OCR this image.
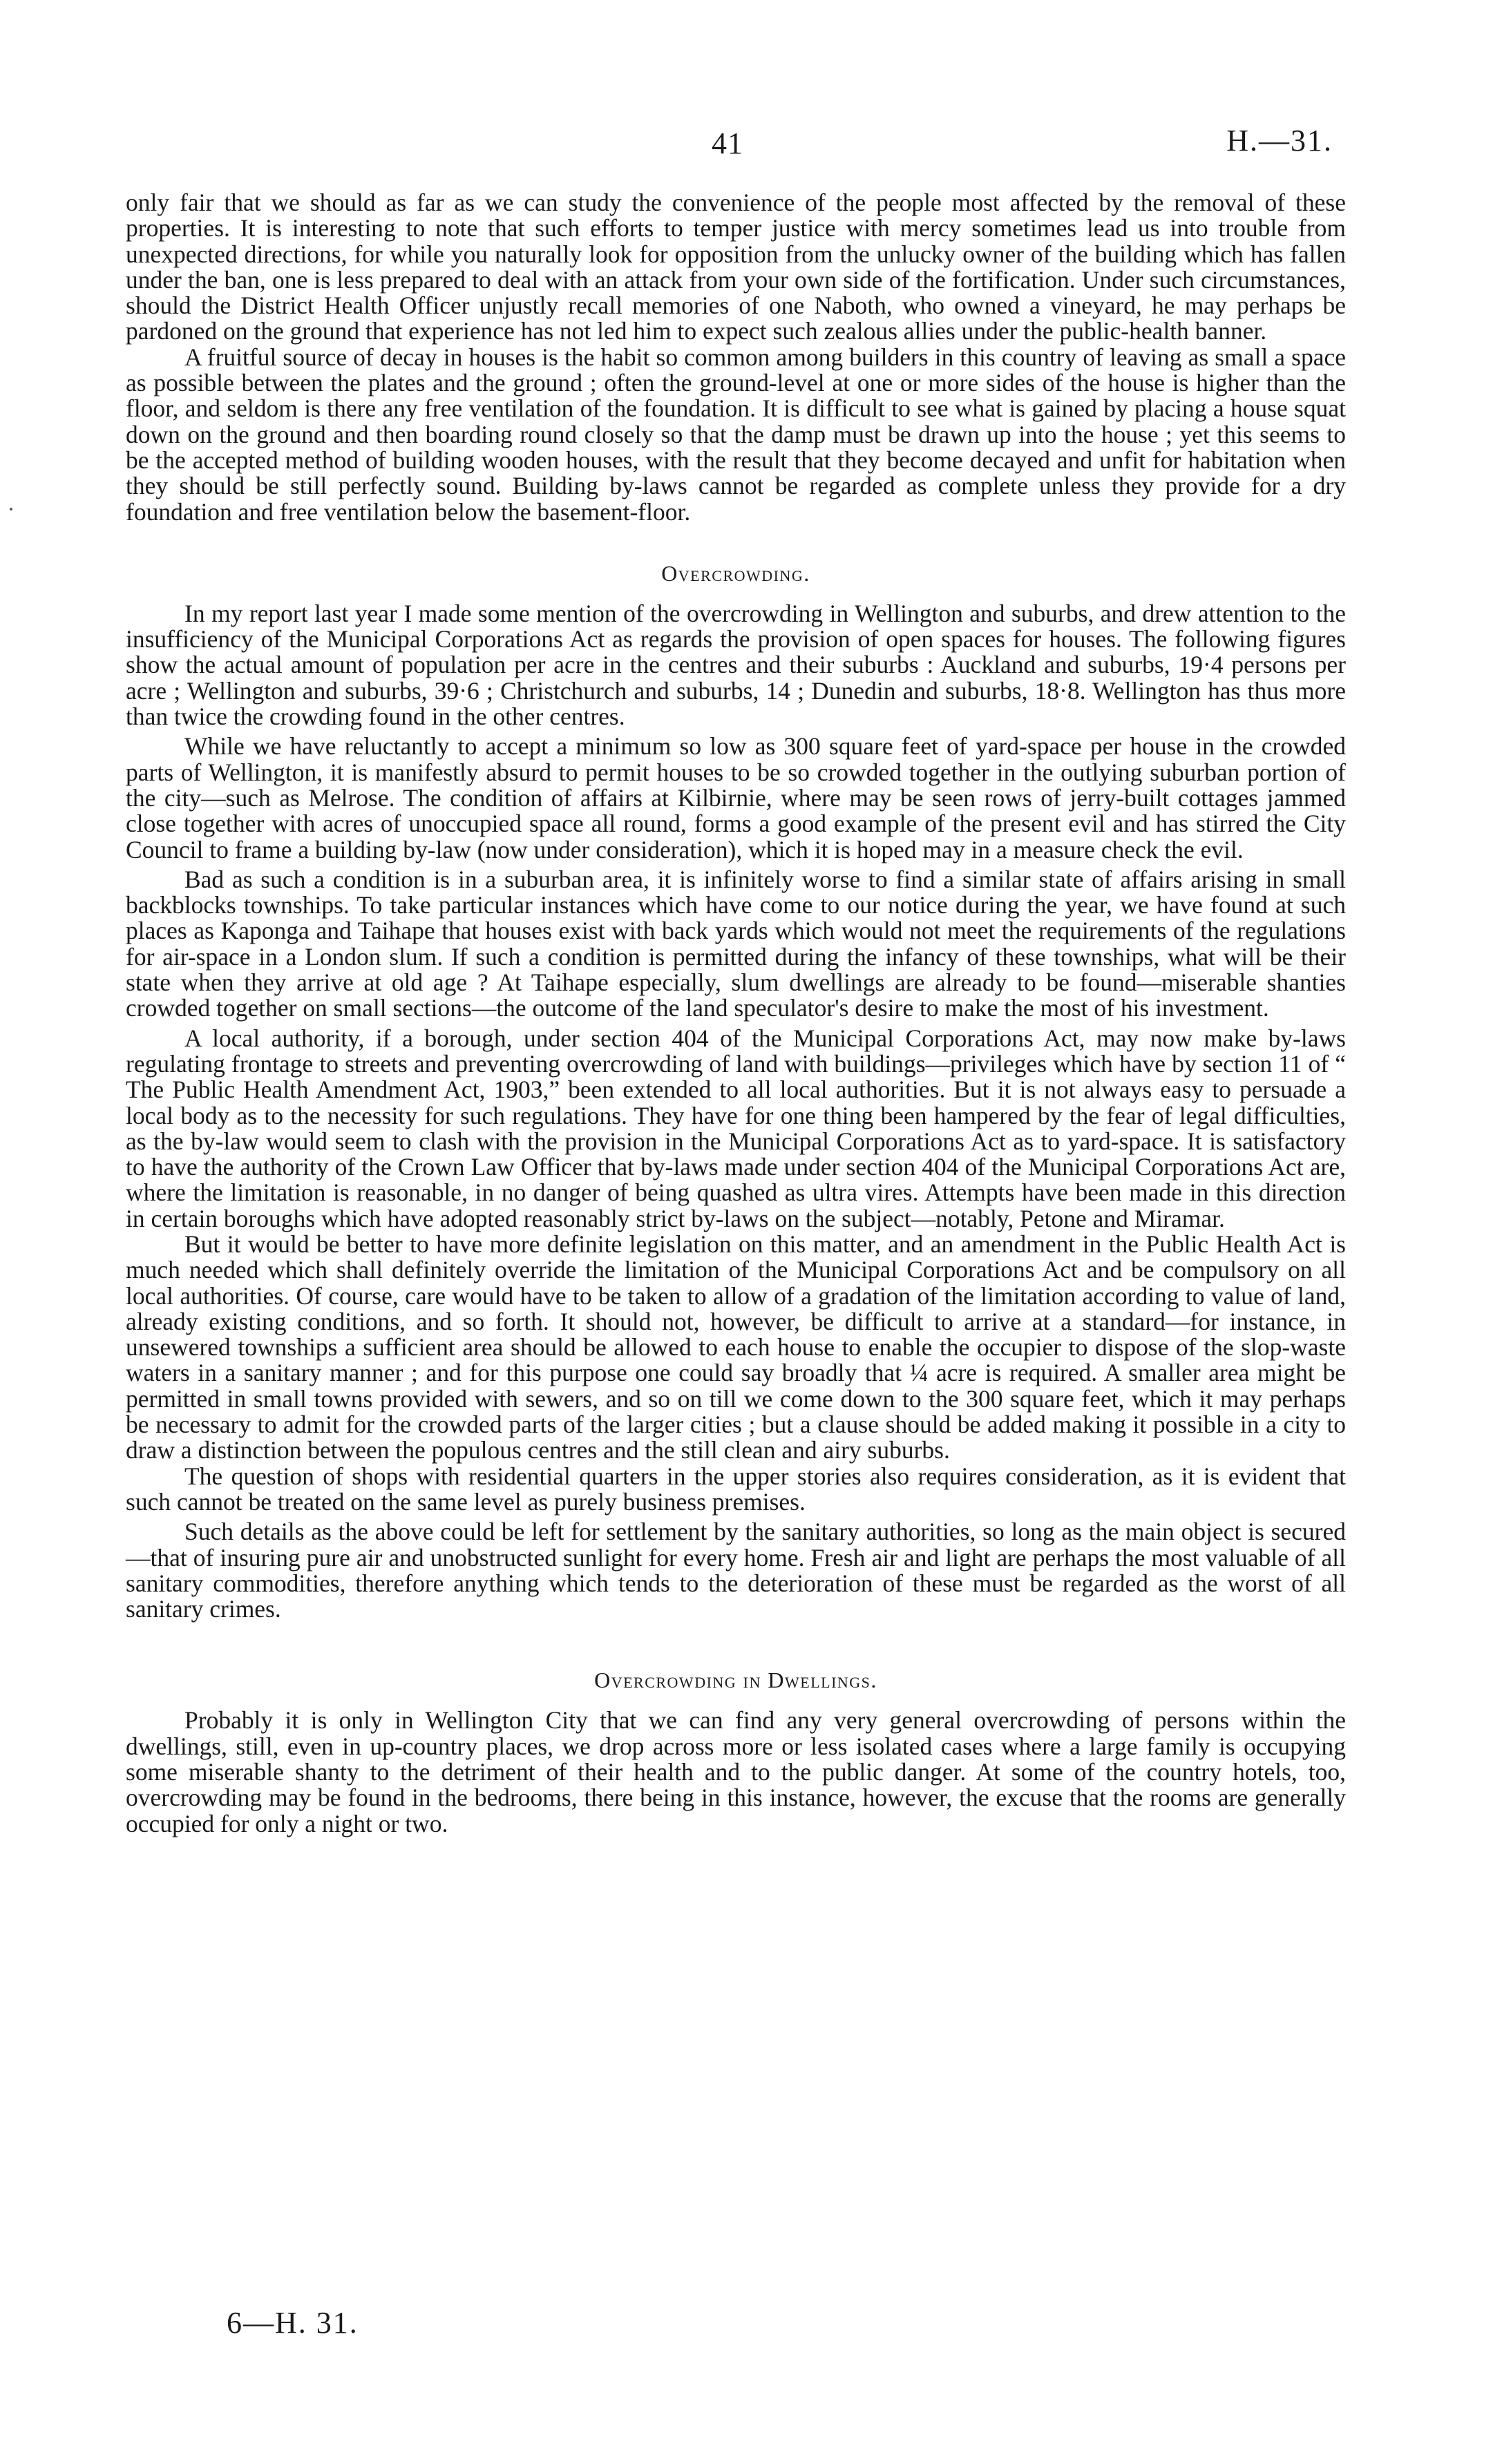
41	H.—31.

only fair that we should as far as we can study the convenience of the people most affected by the removal of these properties. It is interesting to note that such efforts to temper justice with mercy sometimes lead us into trouble from unexpected directions, for while you naturally look for opposition from the unlucky owner of the building which has fallen under the ban, one is less prepared to deal with an attack from your own side of the fortification. Under such circumstances, should the District Health Officer unjustly recall memories of one Naboth, who owned a vineyard, he may perhaps be pardoned on the ground that experience has not led him to expect such zealous allies under the public-health banner.

A fruitful source of decay in houses is the habit so common among builders in this country of leaving as small a space as possible between the plates and the ground ; often the ground-level at one or more sides of the house is higher than the floor, and seldom is there any free ventilation of the foundation. It is difficult to see what is gained by placing a house squat down on the ground and then boarding round closely so that the damp must be drawn up into the house ; yet this seems to be the accepted method of building wooden houses, with the result that they become decayed and unfit for habitation when they should be still perfectly sound. Building by-laws cannot be regarded as complete unless they provide for a dry foundation and free ventilation below the basement-floor.

Overcrowding.

In my report last year I made some mention of the overcrowding in Wellington and suburbs, and drew attention to the insufficiency of the Municipal Corporations Act as regards the provision of open spaces for houses. The following figures show the actual amount of population per acre in the centres and their suburbs : Auckland and suburbs, 19·4 persons per acre ; Wellington and suburbs, 39·6 ; Christchurch and suburbs, 14 ; Dunedin and suburbs, 18·8. Wellington has thus more than twice the crowding found in the other centres.

While we have reluctantly to accept a minimum so low as 300 square feet of yard-space per house in the crowded parts of Wellington, it is manifestly absurd to permit houses to be so crowded together in the outlying suburban portion of the city—such as Melrose. The condition of affairs at Kilbirnie, where may be seen rows of jerry-built cottages jammed close together with acres of unoccupied space all round, forms a good example of the present evil and has stirred the City Council to frame a building by-law (now under consideration), which it is hoped may in a measure check the evil.

Bad as such a condition is in a suburban area, it is infinitely worse to find a similar state of affairs arising in small backblocks townships. To take particular instances which have come to our notice during the year, we have found at such places as Kaponga and Taihape that houses exist with back yards which would not meet the requirements of the regulations for air-space in a London slum. If such a condition is permitted during the infancy of these townships, what will be their state when they arrive at old age ? At Taihape especially, slum dwellings are already to be found—miserable shanties crowded together on small sections—the outcome of the land speculator's desire to make the most of his investment.

A local authority, if a borough, under section 404 of the Municipal Corporations Act, may now make by-laws regulating frontage to streets and preventing overcrowding of land with buildings—privileges which have by section 11 of “ The Public Health Amendment Act, 1903,” been extended to all local authorities. But it is not always easy to persuade a local body as to the necessity for such regulations. They have for one thing been hampered by the fear of legal difficulties, as the by-law would seem to clash with the provision in the Municipal Corporations Act as to yard-space. It is satisfactory to have the authority of the Crown Law Officer that by-laws made under section 404 of the Municipal Corporations Act are, where the limitation is reasonable, in no danger of being quashed as ultra vires. Attempts have been made in this direction in certain boroughs which have adopted reasonably strict by-laws on the subject—notably, Petone and Miramar.

But it would be better to have more definite legislation on this matter, and an amendment in the Public Health Act is much needed which shall definitely override the limitation of the Municipal Corporations Act and be compulsory on all local authorities. Of course, care would have to be taken to allow of a gradation of the limitation according to value of land, already existing conditions, and so forth. It should not, however, be difficult to arrive at a standard—for instance, in unsewered townships a sufficient area should be allowed to each house to enable the occupier to dispose of the slop-waste waters in a sanitary manner ; and for this purpose one could say broadly that ¼ acre is required. A smaller area might be permitted in small towns provided with sewers, and so on till we come down to the 300 square feet, which it may perhaps be necessary to admit for the crowded parts of the larger cities ; but a clause should be added making it possible in a city to draw a distinction between the populous centres and the still clean and airy suburbs.

The question of shops with residential quarters in the upper stories also requires consideration, as it is evident that such cannot be treated on the same level as purely business premises.

Such details as the above could be left for settlement by the sanitary authorities, so long as the main object is secured—that of insuring pure air and unobstructed sunlight for every home. Fresh air and light are perhaps the most valuable of all sanitary commodities, therefore anything which tends to the deterioration of these must be regarded as the worst of all sanitary crimes.

Overcrowding in Dwellings.

Probably it is only in Wellington City that we can find any very general overcrowding of persons within the dwellings, still, even in up-country places, we drop across more or less isolated cases where a large family is occupying some miserable shanty to the detriment of their health and to the public danger. At some of the country hotels, too, overcrowding may be found in the bedrooms, there being in this instance, however, the excuse that the rooms are generally occupied for only a night or two.

6—H. 31.
